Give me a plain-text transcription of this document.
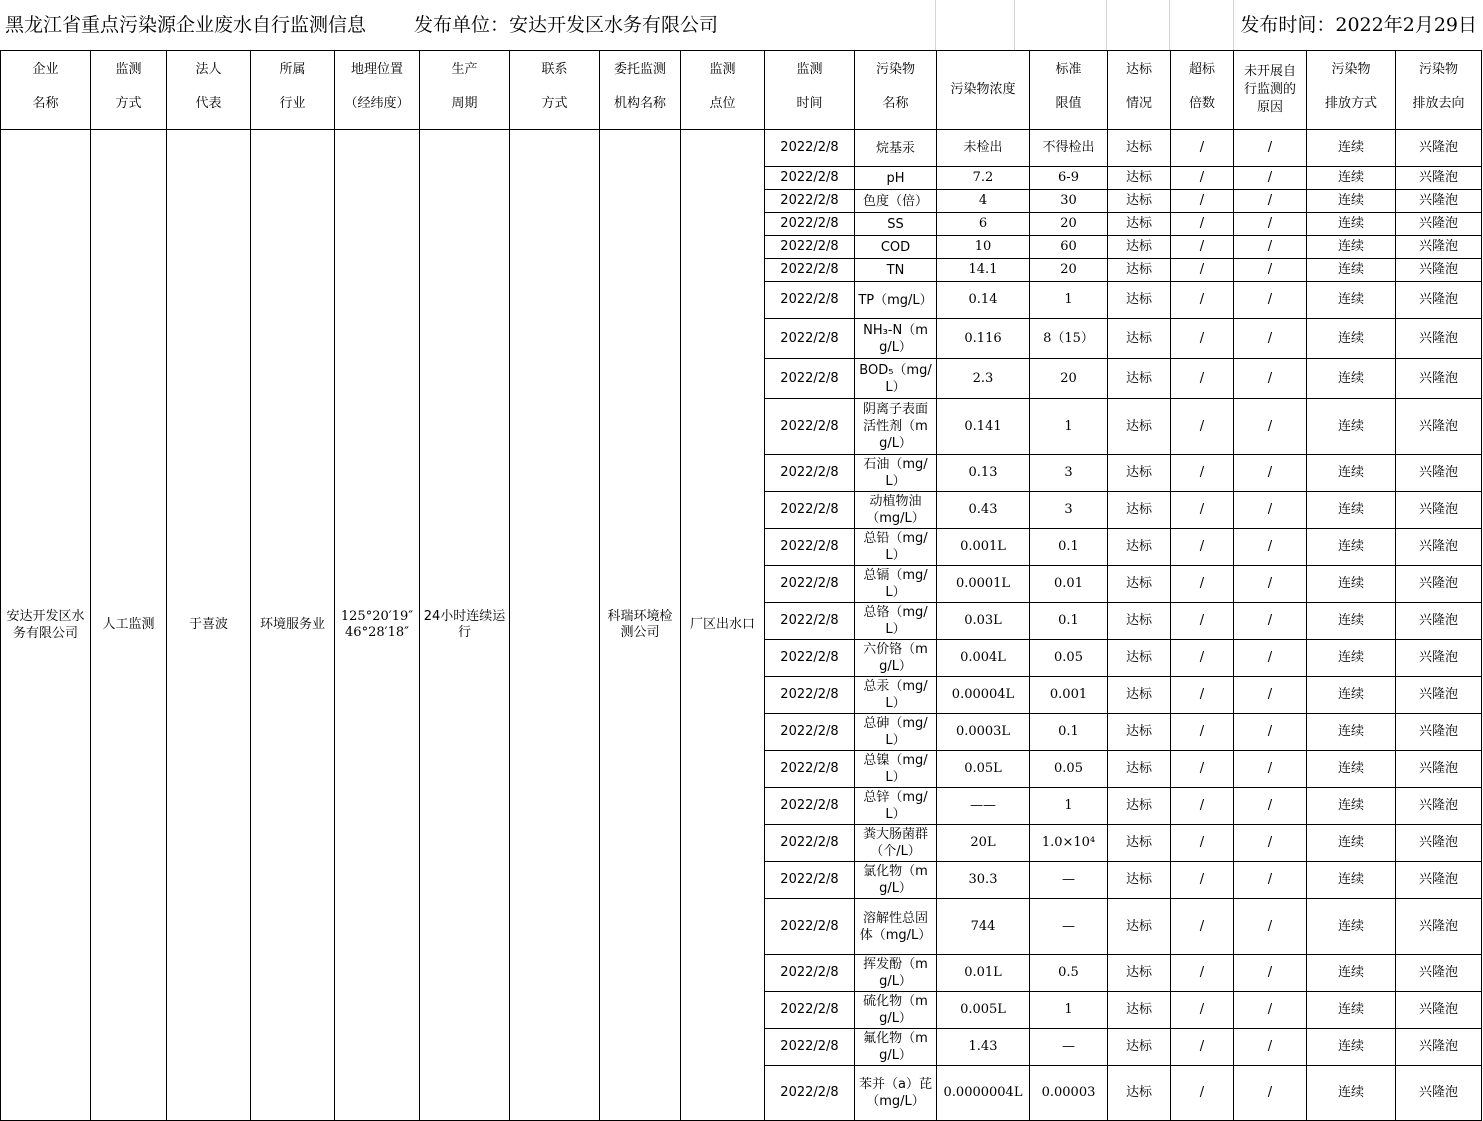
黑龙江省重点污染源企业废水自行监测信息	发布单位：安达开发区水务有限公司	发布时间：2022年2月29日
企业	监测	法人	所属	地理位置	生产	联系	委托监测	监测	监测	污染物	污染物浓度	标准	达标	超标	未开展自行监测的原因	污染物	污染物
名称	方式	代表	行业	（经纬度）	周期	方式	机构名称	点位	时间	名称		限值	情况	倍数		排放方式	排放去向
安达开发区水务有限公司	人工监测	于喜波	环境服务业	125°20′19″ 46°28′18″	24小时连续运行		科瑞环境检测公司	厂区出水口	2022/2/8	烷基汞	未检出	不得检出	达标	/	/	连续	兴隆泡
									2022/2/8	pH	7.2	6-9	达标	/	/	连续	兴隆泡
									2022/2/8	色度（倍）	4	30	达标	/	/	连续	兴隆泡
									2022/2/8	SS	6	20	达标	/	/	连续	兴隆泡
									2022/2/8	COD	10	60	达标	/	/	连续	兴隆泡
									2022/2/8	TN	14.1	20	达标	/	/	连续	兴隆泡
									2022/2/8	TP（mg/L）	0.14	1	达标	/	/	连续	兴隆泡
									2022/2/8	NH₃-N（mg/L）	0.116	8（15）	达标	/	/	连续	兴隆泡
									2022/2/8	BOD₅（mg/L）	2.3	20	达标	/	/	连续	兴隆泡
									2022/2/8	阴离子表面活性剂（mg/L）	0.141	1	达标	/	/	连续	兴隆泡
									2022/2/8	石油（mg/L）	0.13	3	达标	/	/	连续	兴隆泡
									2022/2/8	动植物油（mg/L）	0.43	3	达标	/	/	连续	兴隆泡
									2022/2/8	总铅（mg/L）	0.001L	0.1	达标	/	/	连续	兴隆泡
									2022/2/8	总镉（mg/L）	0.0001L	0.01	达标	/	/	连续	兴隆泡
									2022/2/8	总铬（mg/L）	0.03L	0.1	达标	/	/	连续	兴隆泡
									2022/2/8	六价铬（mg/L）	0.004L	0.05	达标	/	/	连续	兴隆泡
									2022/2/8	总汞（mg/L）	0.00004L	0.001	达标	/	/	连续	兴隆泡
									2022/2/8	总砷（mg/L）	0.0003L	0.1	达标	/	/	连续	兴隆泡
									2022/2/8	总镍（mg/L）	0.05L	0.05	达标	/	/	连续	兴隆泡
									2022/2/8	总锌（mg/L）	——	1	达标	/	/	连续	兴隆泡
									2022/2/8	粪大肠菌群（个/L）	20L	1.0×10⁴	达标	/	/	连续	兴隆泡
									2022/2/8	氯化物（mg/L）	30.3	—	达标	/	/	连续	兴隆泡
									2022/2/8	溶解性总固体（mg/L）	744	—	达标	/	/	连续	兴隆泡
									2022/2/8	挥发酚（mg/L）	0.01L	0.5	达标	/	/	连续	兴隆泡
									2022/2/8	硫化物（mg/L）	0.005L	1	达标	/	/	连续	兴隆泡
									2022/2/8	氟化物（mg/L）	1.43	—	达标	/	/	连续	兴隆泡
									2022/2/8	苯并（a）芘（mg/L）	0.0000004L	0.00003	达标	/	/	连续	兴隆泡
